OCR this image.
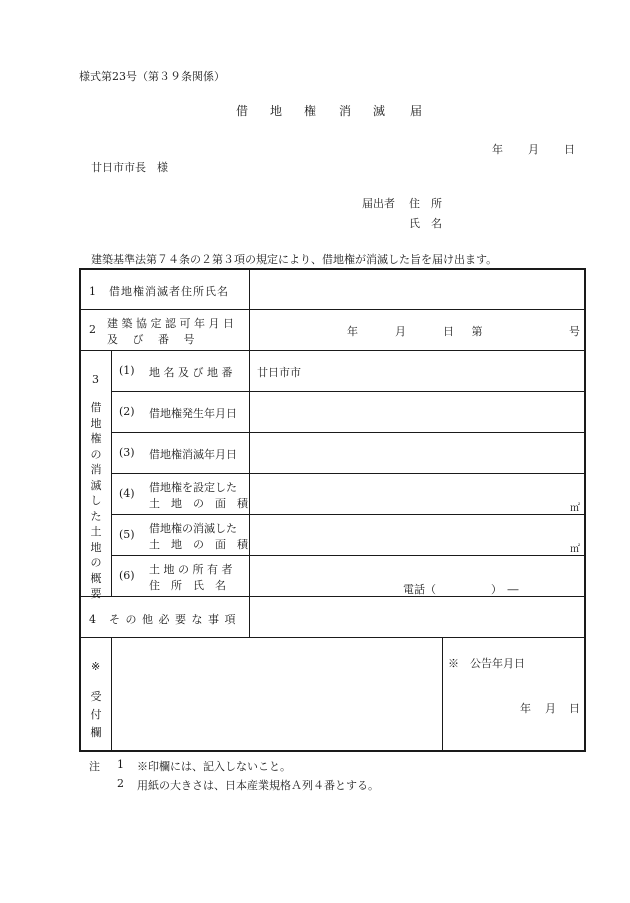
様式第23号（第３９条関係）
借 地 権 消 滅 届
年 月 日
廿日市市長　様
届出者 住　所
氏　名
建築基準法第７４条の２第３項の規定により、借地権が消滅した旨を届け出ます。
1　借地権消滅者住所氏名
2 建 築 協 定 認 可 年 月 日
及　 び　 番　 号
年	月	日 第	号
3
借地権の消滅した土地の概要
(1) 地 名 及 び 地 番 廿日市市
(2) 借地権発生年月日
(3) 借地権消滅年月日
(4) 借地権を設定した
土　地　の　面　積	㎡
(5) 借地権の消滅した
土　地　の　面　積	㎡
(6) 土 地 の 所 有 者
住　所　氏　名	電話（　　　　　）　―
4　そ の 他 必 要 な 事 項
※
受付欄
※　公告年月日
年 月 日
注 1 ※印欄には、記入しないこと。
2 用紙の大きさは、日本産業規格Ａ列４番とする。
